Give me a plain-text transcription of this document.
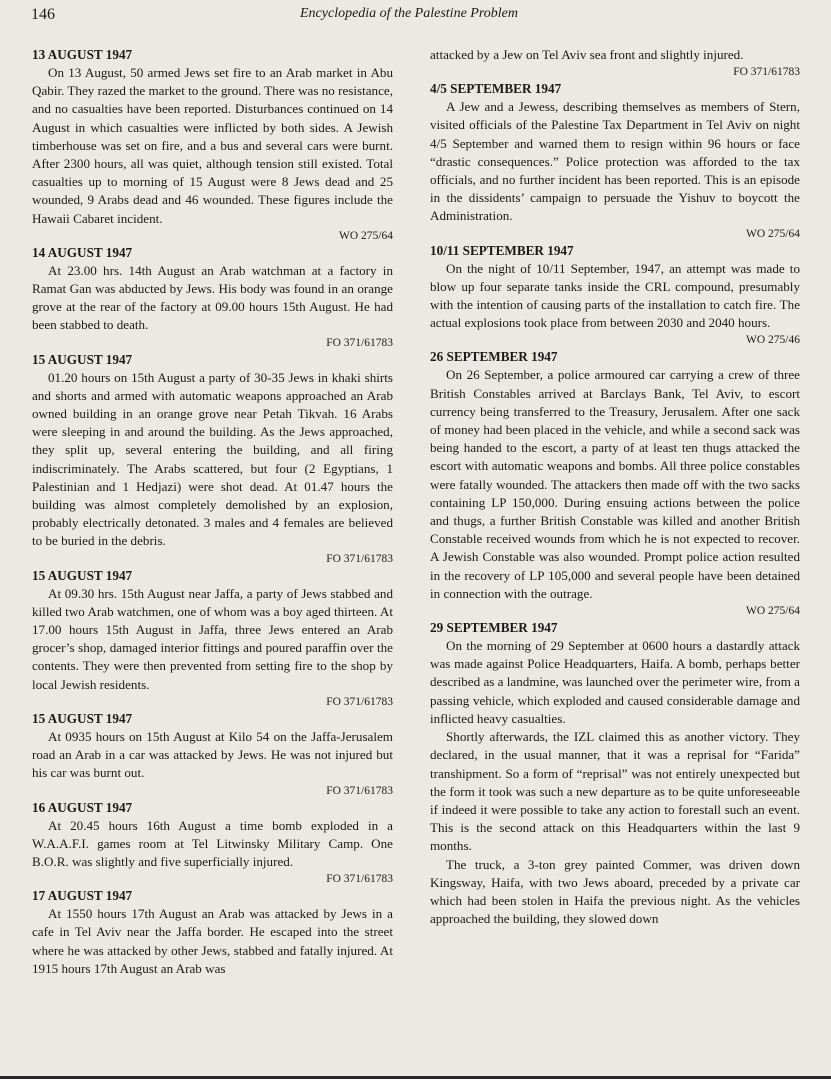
146	Encyclopedia of the Palestine Problem

13 AUGUST 1947

On 13 August, 50 armed Jews set fire to an Arab market in Abu Qabir. They razed the market to the ground. There was no resistance, and no casualties have been reported. Disturbances continued on 14 August in which casualties were inflicted by both sides. A Jewish timberhouse was set on fire, and a bus and several cars were burnt. After 2300 hours, all was quiet, although tension still existed. Total casualties up to morning of 15 August were 8 Jews dead and 25 wounded, 9 Arabs dead and 46 wounded. These figures include the Hawaii Cabaret incident.

WO 275/64

14 AUGUST 1947

At 23.00 hrs. 14th August an Arab watchman at a factory in Ramat Gan was abducted by Jews. His body was found in an orange grove at the rear of the factory at 09.00 hours 15th August. He had been stabbed to death.

FO 371/61783

15 AUGUST 1947

01.20 hours on 15th August a party of 30-35 Jews in khaki shirts and shorts and armed with automatic weapons approached an Arab owned building in an orange grove near Petah Tikvah. 16 Arabs were sleeping in and around the building. As the Jews approached, they split up, several entering the building, and all firing indiscriminately. The Arabs scattered, but four (2 Egyptians, 1 Palestinian and 1 Hedjazi) were shot dead. At 01.47 hours the building was almost completely demolished by an explosion, probably electrically detonated. 3 males and 4 females are believed to be buried in the debris.

FO 371/61783

15 AUGUST 1947

At 09.30 hrs. 15th August near Jaffa, a party of Jews stabbed and killed two Arab watchmen, one of whom was a boy aged thirteen. At 17.00 hours 15th August in Jaffa, three Jews entered an Arab grocer’s shop, damaged interior fittings and poured paraffin over the contents. They were then prevented from setting fire to the shop by local Jewish residents.

FO 371/61783

15 AUGUST 1947

At 0935 hours on 15th August at Kilo 54 on the Jaffa-Jerusalem road an Arab in a car was attacked by Jews. He was not injured but his car was burnt out.

FO 371/61783

16 AUGUST 1947

At 20.45 hours 16th August a time bomb exploded in a W.A.A.F.I. games room at Tel Litwinsky Military Camp. One B.O.R. was slightly and five superficially injured.

FO 371/61783

17 AUGUST 1947

At 1550 hours 17th August an Arab was attacked by Jews in a cafe in Tel Aviv near the Jaffa border. He escaped into the street where he was attacked by other Jews, stabbed and fatally injured. At 1915 hours 17th August an Arab was

attacked by a Jew on Tel Aviv sea front and slightly injured.

FO 371/61783

4/5 SEPTEMBER 1947

A Jew and a Jewess, describing themselves as members of Stern, visited officials of the Palestine Tax Department in Tel Aviv on night 4/5 September and warned them to resign within 96 hours or face “drastic consequences.” Police protection was afforded to the tax officials, and no further incident has been reported. This is an episode in the dissidents’ campaign to persuade the Yishuv to boycott the Administration.

WO 275/64

10/11 SEPTEMBER 1947

On the night of 10/11 September, 1947, an attempt was made to blow up four separate tanks inside the CRL compound, presumably with the intention of causing parts of the installation to catch fire. The actual explosions took place from between 2030 and 2040 hours.

WO 275/46

26 SEPTEMBER 1947

On 26 September, a police armoured car carrying a crew of three British Constables arrived at Barclays Bank, Tel Aviv, to escort currency being transferred to the Treasury, Jerusalem. After one sack of money had been placed in the vehicle, and while a second sack was being handed to the escort, a party of at least ten thugs attacked the escort with automatic weapons and bombs. All three police constables were fatally wounded. The attackers then made off with the two sacks containing LP 150,000. During ensuing actions between the police and thugs, a further British Constable was killed and another British Constable received wounds from which he is not expected to recover. A Jewish Constable was also wounded. Prompt police action resulted in the recovery of LP 105,000 and several people have been detained in connection with the outrage.

WO 275/64

29 SEPTEMBER 1947

On the morning of 29 September at 0600 hours a dastardly attack was made against Police Headquarters, Haifa. A bomb, perhaps better described as a landmine, was launched over the perimeter wire, from a passing vehicle, which exploded and caused considerable damage and inflicted heavy casualties.

Shortly afterwards, the IZL claimed this as another victory. They declared, in the usual manner, that it was a reprisal for “Farida” transhipment. So a form of “reprisal” was not entirely unexpected but the form it took was such a new departure as to be quite unforeseeable if indeed it were possible to take any action to forestall such an event. This is the second attack on this Headquarters within the last 9 months.

The truck, a 3-ton grey painted Commer, was driven down Kingsway, Haifa, with two Jews aboard, preceded by a private car which had been stolen in Haifa the previous night. As the vehicles approached the building, they slowed down
